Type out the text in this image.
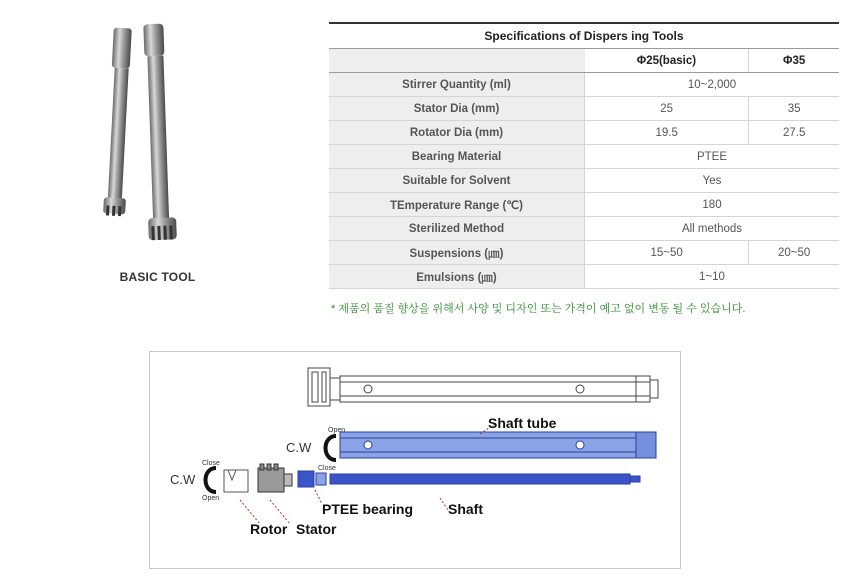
BASIC TOOL
Specifications of Dispers ing Tools		
	Φ25(basic)	Φ35
Stirrer Quantity (ml)	10~2,000	
Stator Dia (mm)	25	35
Rotator Dia (mm)	19.5	27.5
Bearing Material	PTEE	
Suitable for Solvent	Yes	
TEmperature Range (℃)	180	
Sterilized Method	All methods	
Suspensions (㎛)	15~50	20~50
Emulsions (㎛)	1~10	
* 제품의 품질 향상을 위해서 사양 및 디자인 또는 가격이 예고 없이 변동 될 수 있습니다.
Shaft tube
C.W
Open
Close
Close
C.W
Open
PTEE bearing Shaft
Rotor Stator
